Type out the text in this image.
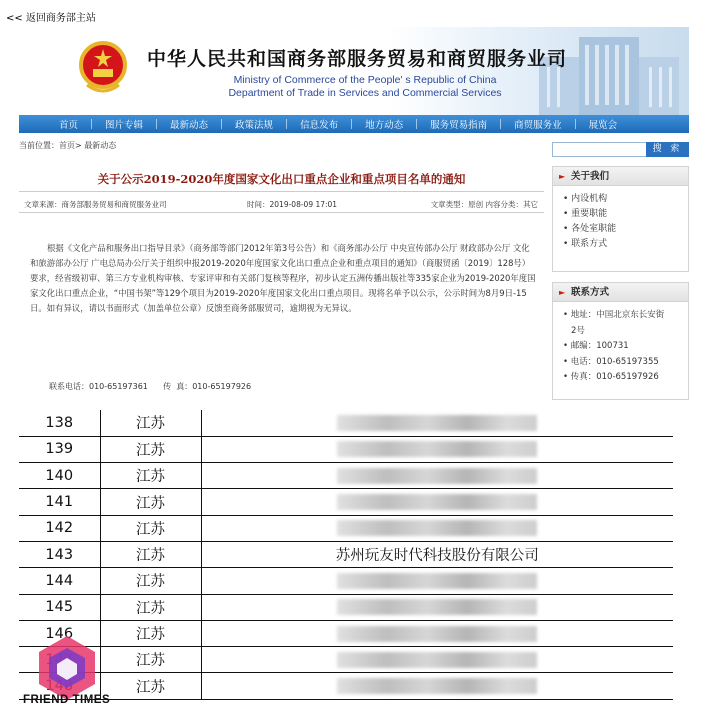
<< 返回商务部主站
中华人民共和国商务部服务贸易和商贸服务业司
Ministry of Commerce of the People' s Republic of China
Department of Trade in Services and Commercial Services
首页	图片专辑	最新动态	政策法规	信息发布	地方动态	服务贸易指南	商贸服务业	展览会
当前位置：首页> 最新动态	搜 索
关于公示2019-2020年度国家文化出口重点企业和重点项目名单的通知
文章来源：商务部服务贸易和商贸服务业司	时间：2019-08-09 17:01	文章类型：原创 内容分类：其它
根据《文化产品和服务出口指导目录》（商务部等部门2012年第3号公告）和《商务部办公厅 中央宣传部办公厅 财政部办公厅 文化和旅游部办公厅 广电总局办公厅关于组织申报2019-2020年度国家文化出口重点企业和重点项目的通知》（商服贸函〔2019〕128号）要求，经省级初审、第三方专业机构审核、专家评审和有关部门复核等程序，初步认定五洲传播出版社等335家企业为2019-2020年度国家文化出口重点企业，“中国书架”等129个项目为2019-2020年度国家文化出口重点项目。现将名单予以公示，公示时间为8月9日-15日。如有异议，请以书面形式（加盖单位公章）反馈至商务部服贸司，逾期视为无异议。
联系电话：010-65197361      传  真：010-65197926
► 关于我们
• 内设机构
• 重要职能
• 各处室职能
• 联系方式
► 联系方式
• 地址：中国北京东长安街
2号
• 邮编：100731
• 电话：010-65197355
• 传真：010-65197926
138	江苏	
139	江苏	
140	江苏	
141	江苏	
142	江苏	
143	江苏	苏州玩友时代科技股份有限公司
144	江苏	
145	江苏	
146	江苏	
	江苏	
	江苏	
FRIEND TIMES
